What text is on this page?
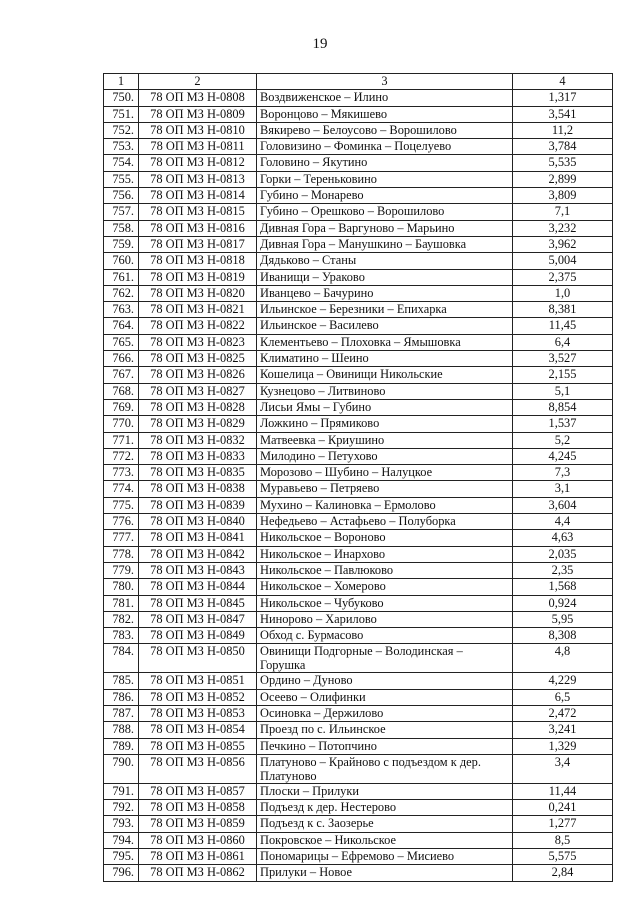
19
1	2	3	4
750.	78 ОП МЗ Н-0808	Воздвиженское – Илино	1,317
751.	78 ОП МЗ Н-0809	Воронцово – Мякишево	3,541
752.	78 ОП МЗ Н-0810	Вякирево – Белоусово – Ворошилово	11,2
753.	78 ОП МЗ Н-0811	Головизино – Фоминка – Поцелуево	3,784
754.	78 ОП МЗ Н-0812	Головино – Якутино	5,535
755.	78 ОП МЗ Н-0813	Горки – Тереньковино	2,899
756.	78 ОП МЗ Н-0814	Губино – Монарево	3,809
757.	78 ОП МЗ Н-0815	Губино – Орешково – Ворошилово	7,1
758.	78 ОП МЗ Н-0816	Дивная Гора – Варгуново – Марьино	3,232
759.	78 ОП МЗ Н-0817	Дивная Гора – Манушкино – Баушовка	3,962
760.	78 ОП МЗ Н-0818	Дядьково – Станы	5,004
761.	78 ОП МЗ Н-0819	Иванищи – Ураково	2,375
762.	78 ОП МЗ Н-0820	Иванцево – Бачурино	1,0
763.	78 ОП МЗ Н-0821	Ильинское – Березники – Епихарка	8,381
764.	78 ОП МЗ Н-0822	Ильинское – Василево	11,45
765.	78 ОП МЗ Н-0823	Клементьево – Плоховка – Ямышовка	6,4
766.	78 ОП МЗ Н-0825	Климатино – Шеино	3,527
767.	78 ОП МЗ Н-0826	Кошелица – Овинищи Никольские	2,155
768.	78 ОП МЗ Н-0827	Кузнецово – Литвиново	5,1
769.	78 ОП МЗ Н-0828	Лисьи Ямы – Губино	8,854
770.	78 ОП МЗ Н-0829	Ложкино – Прямиково	1,537
771.	78 ОП МЗ Н-0832	Матвеевка – Криушино	5,2
772.	78 ОП МЗ Н-0833	Милодино – Петухово	4,245
773.	78 ОП МЗ Н-0835	Морозово – Шубино – Налуцкое	7,3
774.	78 ОП МЗ Н-0838	Муравьево – Петряево	3,1
775.	78 ОП МЗ Н-0839	Мухино – Калиновка – Ермолово	3,604
776.	78 ОП МЗ Н-0840	Нефедьево – Астафьево – Полуборка	4,4
777.	78 ОП МЗ Н-0841	Никольское – Вороново	4,63
778.	78 ОП МЗ Н-0842	Никольское – Инархово	2,035
779.	78 ОП МЗ Н-0843	Никольское – Павлюково	2,35
780.	78 ОП МЗ Н-0844	Никольское – Хомерово	1,568
781.	78 ОП МЗ Н-0845	Никольское – Чубуково	0,924
782.	78 ОП МЗ Н-0847	Ниноровo – Харилово	5,95
783.	78 ОП МЗ Н-0849	Обход с. Бурмасово	8,308
784.	78 ОП МЗ Н-0850	Овинищи Подгорные – Володинская – Горушка	4,8
785.	78 ОП МЗ Н-0851	Ордино – Дуново	4,229
786.	78 ОП МЗ Н-0852	Осеево – Олифинки	6,5
787.	78 ОП МЗ Н-0853	Осиновка – Держилово	2,472
788.	78 ОП МЗ Н-0854	Проезд по с. Ильинское	3,241
789.	78 ОП МЗ Н-0855	Печкино – Потопчино	1,329
790.	78 ОП МЗ Н-0856	Платуново – Крайново с подъездом к дер. Платуново	3,4
791.	78 ОП МЗ Н-0857	Плоски – Прилуки	11,44
792.	78 ОП МЗ Н-0858	Подъезд к дер. Нестерово	0,241
793.	78 ОП МЗ Н-0859	Подъезд к с. Заозерье	1,277
794.	78 ОП МЗ Н-0860	Покровское – Никольское	8,5
795.	78 ОП МЗ Н-0861	Пономарицы – Ефремово – Мисиево	5,575
796.	78 ОП МЗ Н-0862	Прилуки – Новое	2,84
